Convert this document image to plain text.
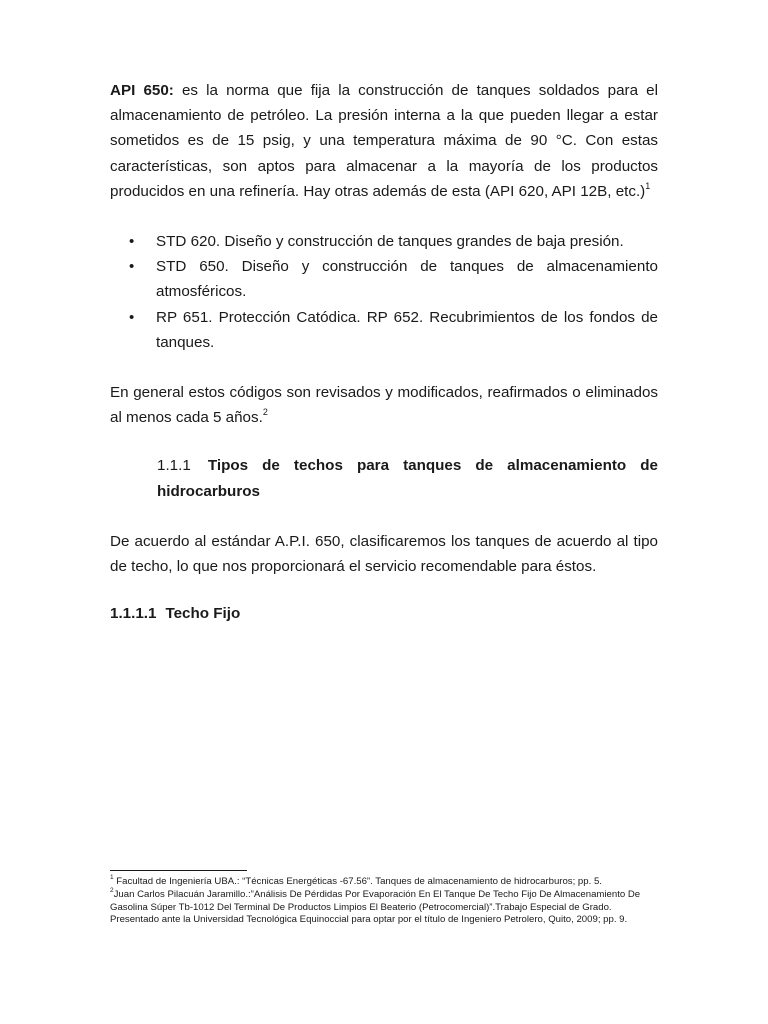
API 650: es la norma que fija la construcción de tanques soldados para el almacenamiento de petróleo. La presión interna a la que pueden llegar a estar sometidos es de 15 psig, y una temperatura máxima de 90 °C. Con estas características, son aptos para almacenar a la mayoría de los productos producidos en una refinería. Hay otras además de esta (API 620, API 12B, etc.)$^1$

• STD 620. Diseño y construcción de tanques grandes de baja presión.
• STD 650. Diseño y construcción de tanques de almacenamiento atmosféricos.
• RP 651. Protección Catódica. RP 652. Recubrimientos de los fondos de tanques.

En general estos códigos son revisados y modificados, reafirmados o eliminados al menos cada 5 años.$^2$

1.1.1 Tipos de techos para tanques de almacenamiento de hidrocarburos

De acuerdo al estándar A.P.I. 650, clasificaremos los tanques de acuerdo al tipo de techo, lo que nos proporcionará el servicio recomendable para éstos.

1.1.1.1 Techo Fijo

$^1$ Facultad de Ingeniería UBA.: “Técnicas Energéticas -67.56”. Tanques de almacenamiento de hidrocarburos; pp. 5.

$^2$Juan Carlos Pilacuán Jaramillo.:”Análisis De Pérdidas Por Evaporación En El Tanque De Techo Fijo De Almacenamiento De Gasolina Súper Tb-1012 Del Terminal De Productos Limpios El Beaterio (Petrocomercial)”.Trabajo Especial de Grado. Presentado ante la Universidad Tecnológica Equinoccial para optar por el título de Ingeniero Petrolero, Quito, 2009; pp. 9.
